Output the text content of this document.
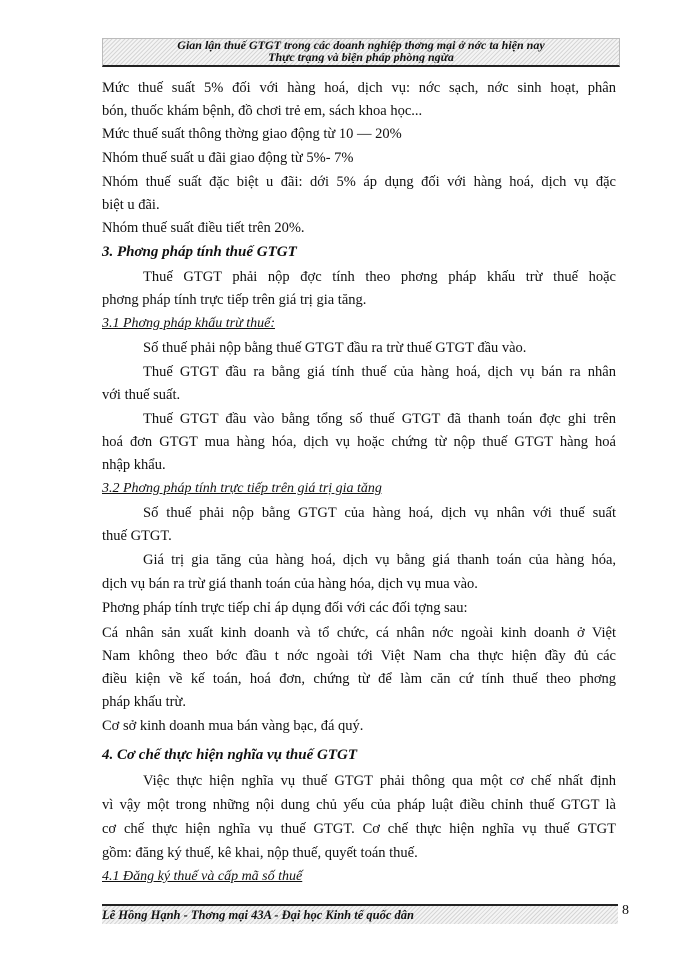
Gian lận thuế GTGT trong các doanh nghiệp thơng mại ở nớc ta hiện nay
Thực trạng và biện pháp phòng ngừa
Mức thuế suất 5% đối với hàng hoá, dịch vụ: nớc sạch, nớc sinh hoạt, phân
bón, thuốc khám bệnh, đồ chơi trẻ em, sách khoa học...
Mức thuế suất thông thờng giao động từ 10 — 20%
Nhóm thuế suất u đãi giao động từ 5%- 7%
Nhóm thuế suất đặc biệt u đãi: dới 5% áp dụng đối với hàng hoá, dịch vụ đặc
biệt u đãi.
Nhóm thuế suất điều tiết trên 20%.
3. Phơng pháp tính thuế GTGT
Thuế GTGT phải nộp đợc tính theo phơng pháp khấu trừ thuế hoặc
phơng pháp tính trực tiếp trên giá trị gia tăng.
3.1 Phơng pháp khấu trừ thuế:
Số thuế phải nộp bằng thuế GTGT đầu ra trừ thuế GTGT đầu vào.
Thuế GTGT đầu ra bằng giá tính thuế của hàng hoá, dịch vụ bán ra nhân
với thuế suất.
Thuế GTGT đầu vào bằng tổng số thuế GTGT đã thanh toán đợc ghi trên
hoá đơn GTGT mua hàng hóa, dịch vụ hoặc chứng từ nộp thuế GTGT hàng hoá
nhập khẩu.
3.2 Phơng pháp tính trực tiếp trên giá trị gia tăng
Số thuế phải nộp bằng GTGT của hàng hoá, dịch vụ nhân với thuế suất
thuế GTGT.
Giá trị gia tăng của hàng hoá, dịch vụ bằng giá thanh toán của hàng hóa,
dịch vụ bán ra trừ giá thanh toán của hàng hóa, dịch vụ mua vào.
Phơng pháp tính trực tiếp chỉ áp dụng đối với các đối tợng sau:
Cá nhân sản xuất kinh doanh và tổ chức, cá nhân nớc ngoài kinh doanh ở Việt
Nam không theo bớc đầu t nớc ngoài tới Việt Nam cha thực hiện đầy đủ các
điều kiện về kế toán, hoá đơn, chứng từ để làm căn cứ tính thuế theo phơng
pháp khấu trừ.
Cơ sở kinh doanh mua bán vàng bạc, đá quý.
4. Cơ chế thực hiện nghĩa vụ thuế GTGT
Việc thực hiện nghĩa vụ thuế GTGT phải thông qua một cơ chế nhất định
vì vậy một trong những nội dung chủ yếu của pháp luật điều chỉnh thuế GTGT là
cơ chế thực hiện nghĩa vụ thuế GTGT. Cơ chế thực hiện nghĩa vụ thuế GTGT
gồm: đăng ký thuế, kê khai, nộp thuế, quyết toán thuế.
4.1 Đăng ký thuế và cấp mã số thuế
Lê Hồng Hạnh - Thơng mại 43A - Đại học Kinh tế quốc dân	8
